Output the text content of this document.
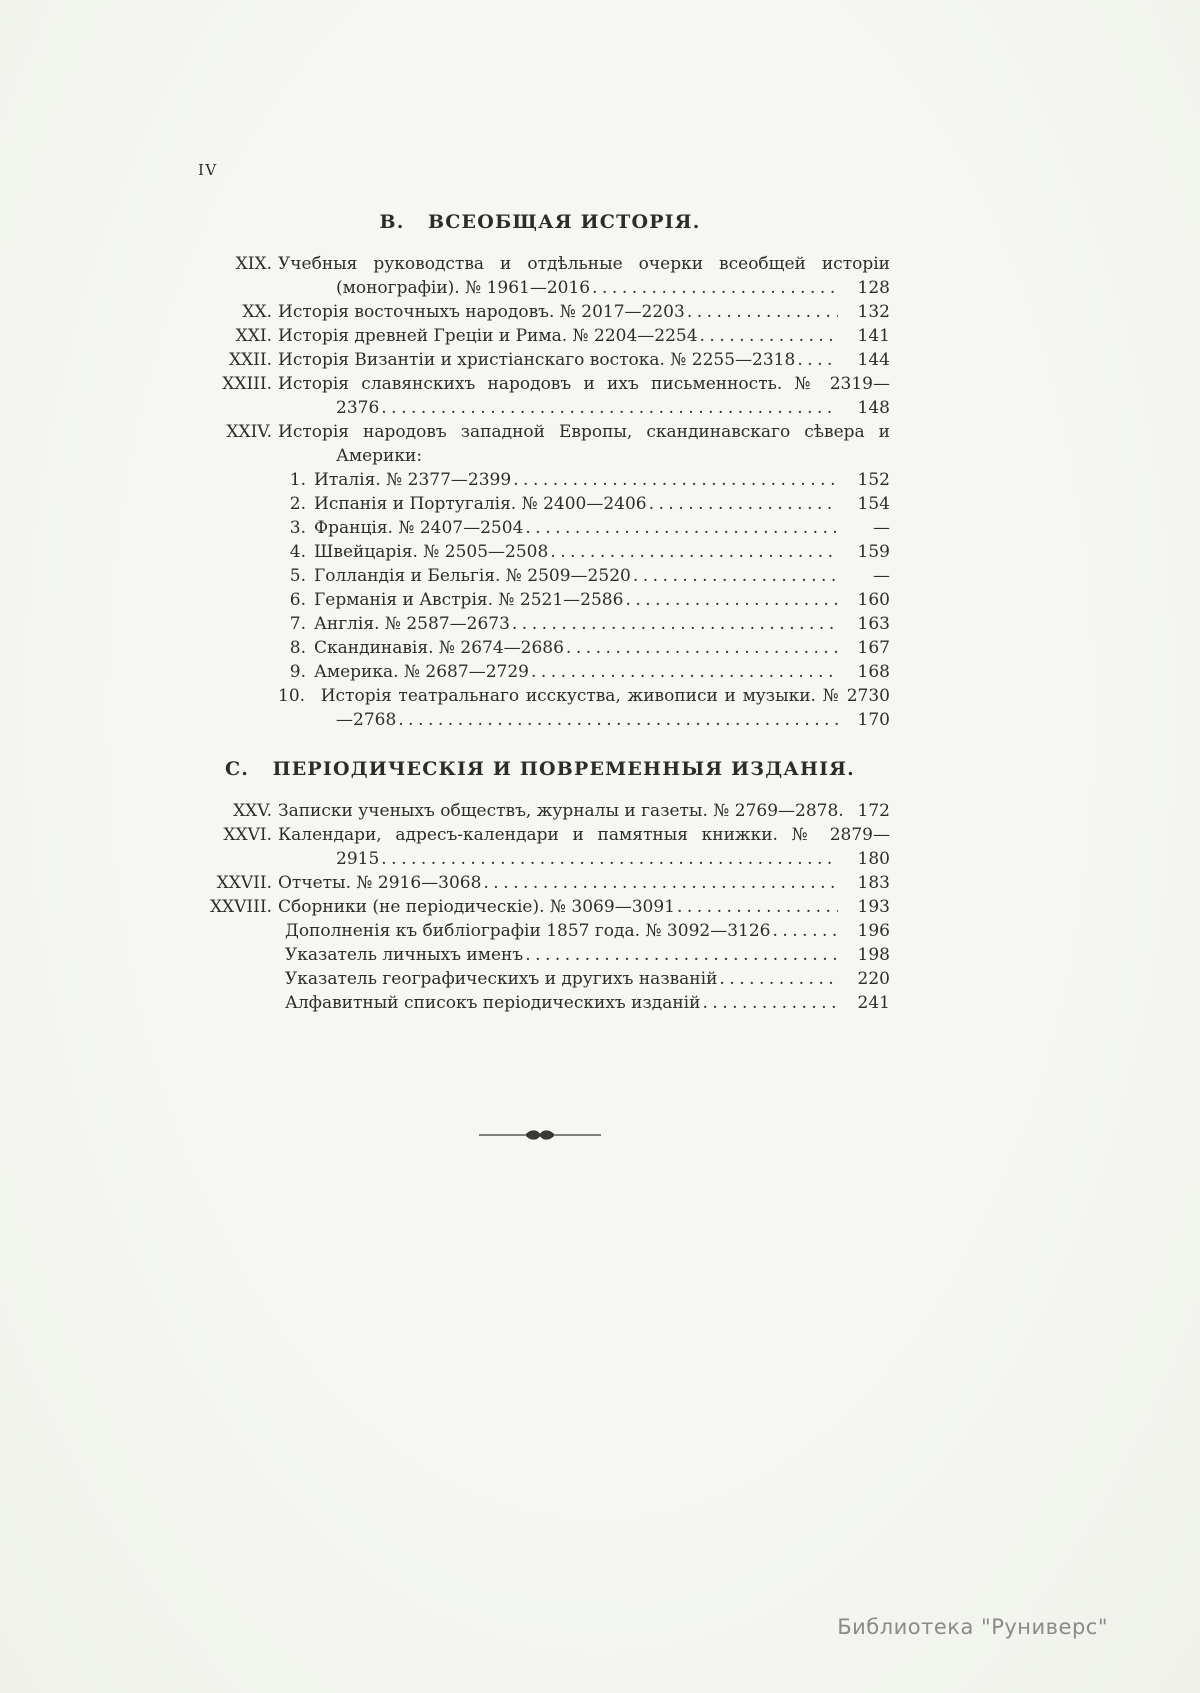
IV
В.   ВСЕОБЩАЯ ИСТОРІЯ.
XIX. Учебныя руководства и отдѣльные очерки всеобщей исторіи
(монографіи). № 1961—2016 .....	128
XX. Исторія восточныхъ народовъ. № 2017—2203 .....	132
XXI. Исторія древней Греціи и Рима. № 2204—2254 .....	141
XXII. Исторія Византіи и христіанскаго востока. № 2255—2318 .....	144
XXIII. Исторія славянскихъ народовъ и ихъ письменность. № 2319—
2376 .....	148
XXIV. Исторія народовъ западной Европы, скандинавскаго сѣвера и
Америки:
1. Италія. № 2377—2399 .....	152
2. Испанія и Португалія. № 2400—2406 .....	154
3. Франція. № 2407—2504 .....	—
4. Швейцарія. № 2505—2508 .....	159
5. Голландія и Бельгія. № 2509—2520 .....	—
6. Германія и Австрія. № 2521—2586 .....	160
7. Англія. № 2587—2673 .....	163
8. Скандинавія. № 2674—2686 .....	167
9. Америка. № 2687—2729 .....	168
10. Исторія театральнаго исскуства, живописи и музыки. № 2730
—2768 .....	170
С.   ПЕРІОДИЧЕСКІЯ И ПОВРЕМЕННЫЯ ИЗДАНІЯ.
XXV. Записки ученыхъ обществъ, журналы и газеты. № 2769—2878. 172
XXVI. Календари, адресъ-календари и памятныя книжки. № 2879—
2915 .....	180
XXVII. Отчеты. № 2916—3068 .....	183
XXVIII. Сборники (не періодическіе). № 3069—3091 .....	193
Дополненія къ библіографіи 1857 года. № 3092—3126 .....	196
Указатель личныхъ именъ .....	198
Указатель географическихъ и другихъ названій .....	220
Алфавитный списокъ періодическихъ изданій .....	241
Библиотека "Руниверс"
